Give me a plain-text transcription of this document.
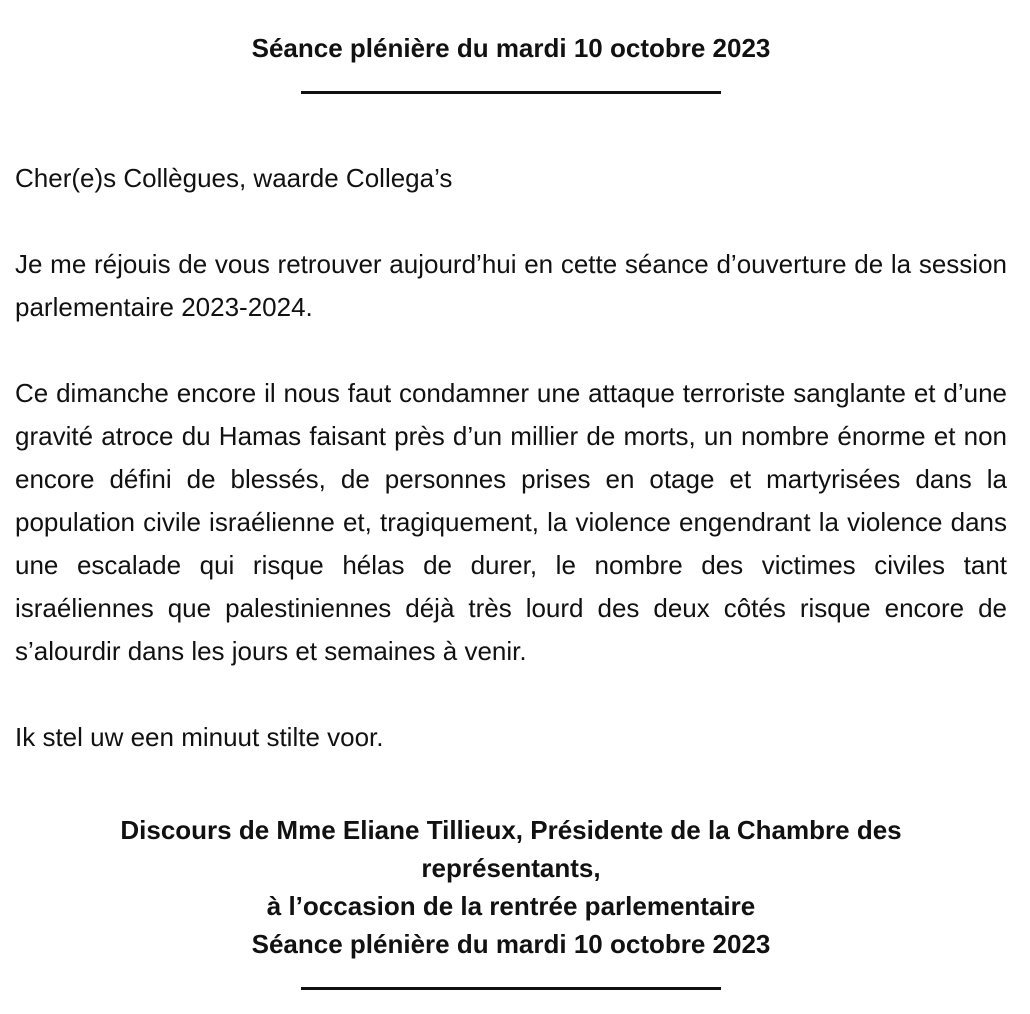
Séance plénière du mardi 10 octobre 2023

Cher(e)s Collègues, waarde Collega’s

Je me réjouis de vous retrouver aujourd’hui en cette séance d’ouverture de la session parlementaire 2023-2024.

Ce dimanche encore il nous faut condamner une attaque terroriste sanglante et d’une gravité atroce du Hamas faisant près d’un millier de morts, un nombre énorme et non encore défini de blessés, de personnes prises en otage et martyrisées dans la population civile israélienne et, tragiquement, la violence engendrant la violence dans une escalade qui risque hélas de durer, le nombre des victimes civiles tant israéliennes que palestiniennes déjà très lourd des deux côtés risque encore de s’alourdir dans les jours et semaines à venir.

Ik stel uw een minuut stilte voor.

Discours de Mme Eliane Tillieux, Présidente de la Chambre des
représentants,
à l’occasion de la rentrée parlementaire
Séance plénière du mardi 10 octobre 2023
